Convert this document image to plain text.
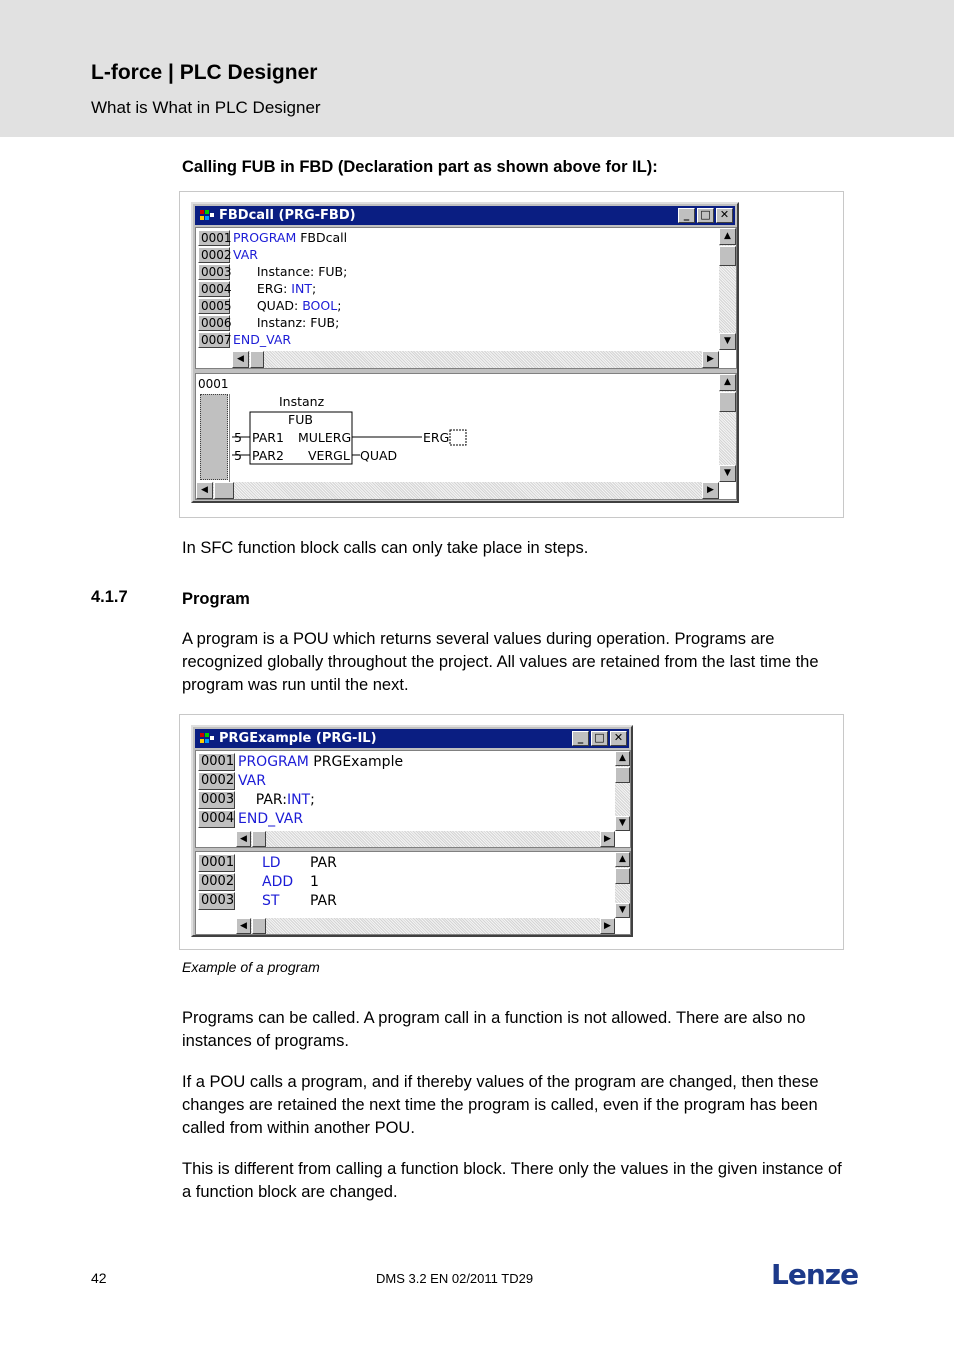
L-force | PLC Designer
What is What in PLC Designer
Calling FUB in FBD (Declaration part as shown above for IL):
FBDcall (PRG-FBD)	_	□ ✕
0001 PROGRAM FBDcall
0002 VAR
0003 Instance: FUB;
0004 ERG: INT;
0005 QUAD: BOOL;
0006 Instanz: FUB;
0007 END_VAR
▲
▼
◀	▶
0001
Instanz
FUB
5 PAR1 MULERG
5 PAR2 VERGL
ERG
QUAD
▲
▼
◀	▶
In SFC function block calls can only take place in steps.
4.1.7	Program
A program is a POU which returns several values during operation. Programs are recognized globally throughout the project. All values are retained from the last time the program was run until the next.
PRGExample (PRG-IL)	_	□ ✕
0001 PROGRAM PRGExample
0002 VAR
0003 PAR:INT;
0004 END_VAR
▲
▼
◀	▶
0001 LD PAR
0002 ADD 1
0003 ST PAR
▲
▼
◀	▶
Example of a program
Programs can be called. A program call in a function is not allowed. There are also no instances of programs.
If a POU calls a program, and if thereby values of the program are changed, then these changes are retained the next time the program is called, even if the program has been called from within another POU.
This is different from calling a function block. There only the values in the given instance of a function block are changed.
42	DMS 3.2 EN 02/2011 TD29	Lenze
